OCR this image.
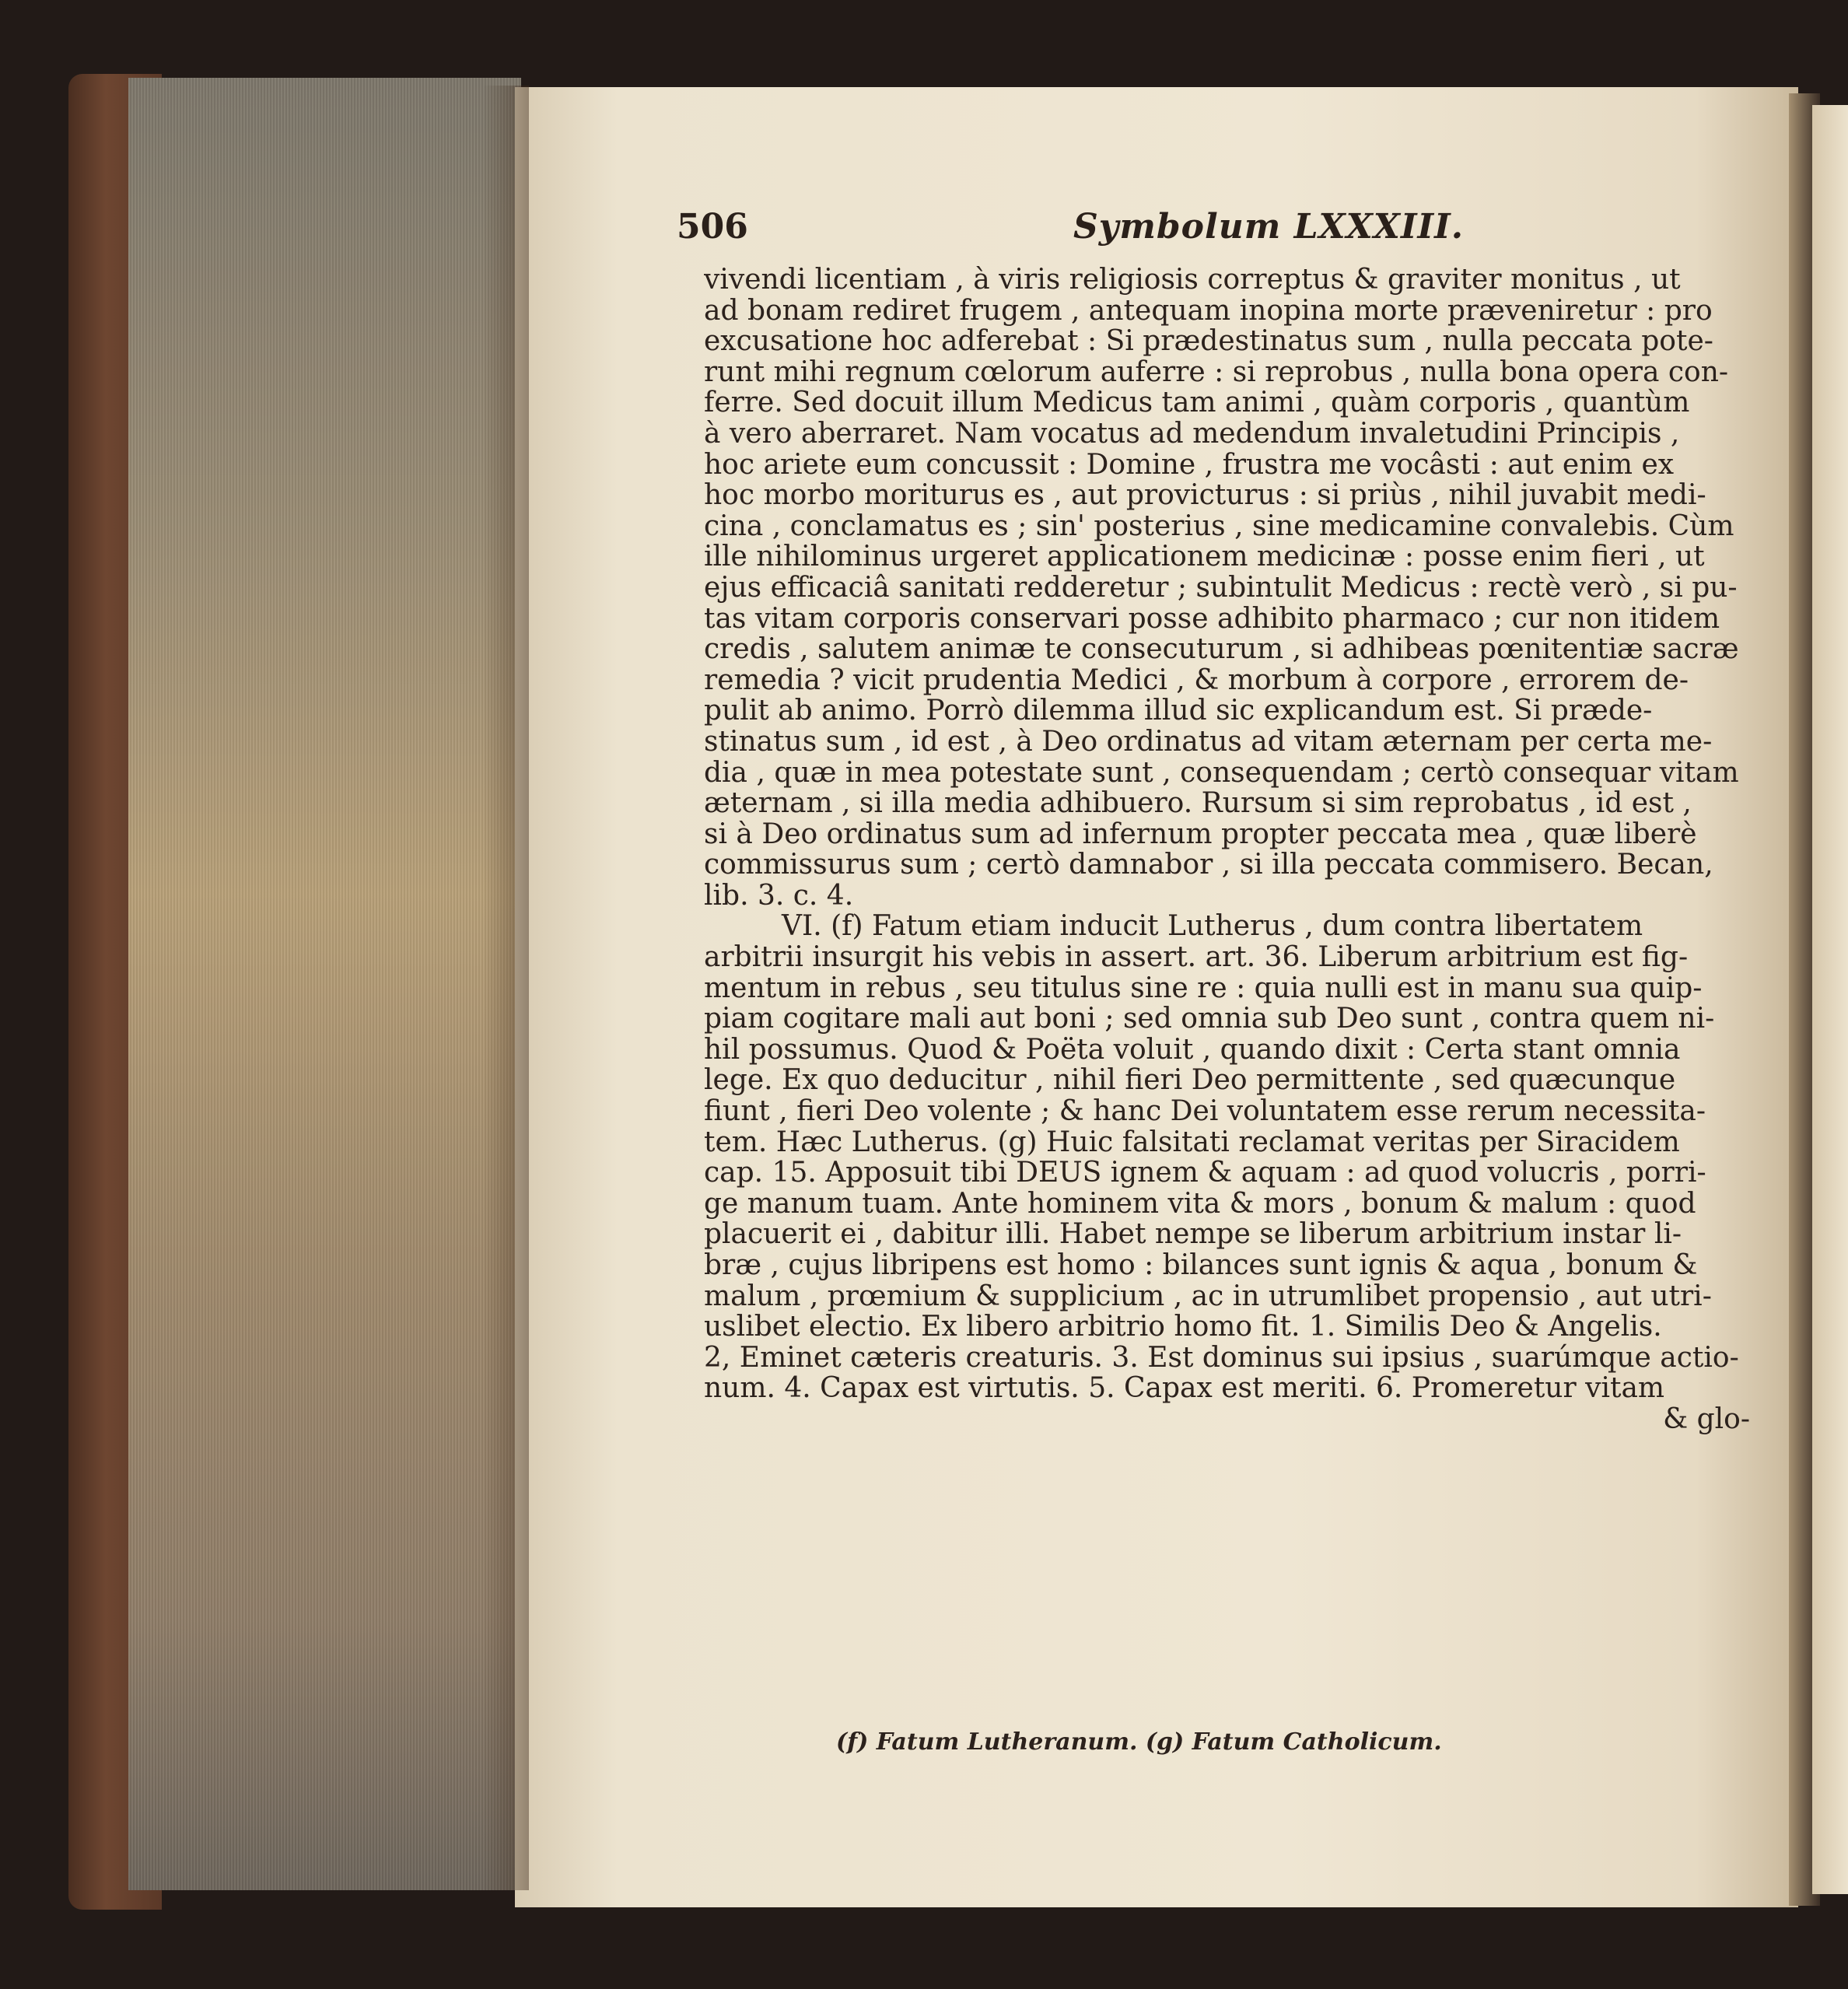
506	Symbolum LXXXIII.
vivendi licentiam , à viris religiosis correptus & graviter monitus , ut
ad bonam rediret frugem , antequam inopina morte præveniretur : pro
excusatione hoc adferebat : Si prædestinatus sum , nulla peccata pote-
runt mihi regnum cœlorum auferre : si reprobus , nulla bona opera con-
ferre. Sed docuit illum Medicus tam animi , quàm corporis , quantùm
à vero aberraret. Nam vocatus ad medendum invaletudini Principis ,
hoc ariete eum concussit : Domine , frustra me vocâsti : aut enim ex
hoc morbo moriturus es , aut provicturus : si priùs , nihil juvabit medi-
cina , conclamatus es ; sin' posterius , sine medicamine convalebis. Cùm
ille nihilominus urgeret applicationem medicinæ : posse enim fieri , ut
ejus efficaciâ sanitati redderetur ; subintulit Medicus : rectè verò , si pu-
tas vitam corporis conservari posse adhibito pharmaco ; cur non itidem
credis , salutem animæ te consecuturum , si adhibeas pœnitentiæ sacræ
remedia ? vicit prudentia Medici , & morbum à corpore , errorem de-
pulit ab animo. Porrò dilemma illud sic explicandum est. Si præde-
stinatus sum , id est , à Deo ordinatus ad vitam æternam per certa me-
dia , quæ in mea potestate sunt , consequendam ; certò consequar vitam
æternam , si illa media adhibuero. Rursum si sim reprobatus , id est ,
si à Deo ordinatus sum ad infernum propter peccata mea , quæ liberè
commissurus sum ; certò damnabor , si illa peccata commisero. Becan,
lib. 3. c. 4.
VI. (f) Fatum etiam inducit Lutherus , dum contra libertatem
arbitrii insurgit his vebis in assert. art. 36. Liberum arbitrium est fig-
mentum in rebus , seu titulus sine re : quia nulli est in manu sua quip-
piam cogitare mali aut boni ; sed omnia sub Deo sunt , contra quem ni-
hil possumus. Quod & Poëta voluit , quando dixit : Certa stant omnia
lege. Ex quo deducitur , nihil fieri Deo permittente , sed quæcunque
fiunt , fieri Deo volente ; & hanc Dei voluntatem esse rerum necessita-
tem. Hæc Lutherus. (g) Huic falsitati reclamat veritas per Siracidem
cap. 15. Apposuit tibi DEUS ignem & aquam : ad quod volucris , porri-
ge manum tuam. Ante hominem vita & mors , bonum & malum : quod
placuerit ei , dabitur illi. Habet nempe se liberum arbitrium instar li-
bræ , cujus libripens est homo : bilances sunt ignis & aqua , bonum &
malum , prœmium & supplicium , ac in utrumlibet propensio , aut utri-
uslibet electio. Ex libero arbitrio homo fit. 1. Similis Deo & Angelis.
2, Eminet cæteris creaturis. 3. Est dominus sui ipsius , suarúmque actio-
num. 4. Capax est virtutis. 5. Capax est meriti. 6. Promeretur vitam
& glo-
(f) Fatum Lutheranum. (g) Fatum Catholicum.
